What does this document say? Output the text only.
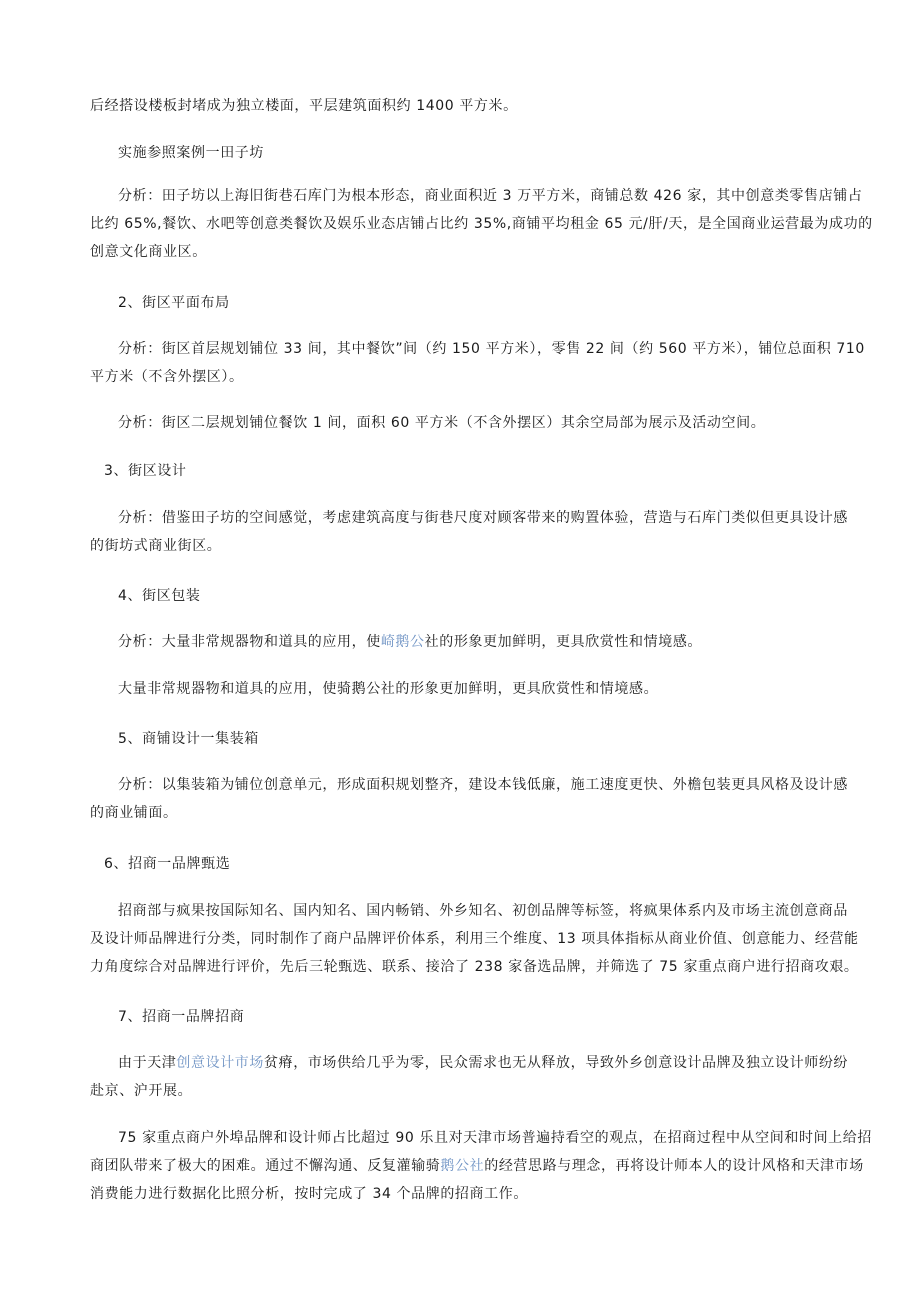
后经搭设楼板封堵成为独立楼面，平层建筑面积约 1400 平方米。
实施参照案例一田子坊
分析：田子坊以上海旧街巷石库门为根本形态，商业面积近 3 万平方米，商铺总数 426 家，其中创意类零售店铺占
比约 65%,餐饮、水吧等创意类餐饮及娱乐业态店铺占比约 35%,商铺平均租金 65 元/肝/天，是全国商业运营最为成功的
创意文化商业区。
2、街区平面布局
分析：街区首层规划铺位 33 间，其中餐饮”间（约 150 平方米），零售 22 间（约 560 平方米），铺位总面积 710
平方米（不含外摆区）。
分析：街区二层规划铺位餐饮 1 间，面积 60 平方米（不含外摆区）其余空局部为展示及活动空间。
3、街区设计
分析：借鉴田子坊的空间感觉，考虑建筑高度与街巷尺度对顾客带来的购置体验，营造与石库门类似但更具设计感
的街坊式商业街区。
4、街区包装
分析：大量非常规器物和道具的应用，使崎鹅公社的形象更加鲜明，更具欣赏性和情境感。
大量非常规器物和道具的应用，使骑鹅公社的形象更加鲜明，更具欣赏性和情境感。
5、商铺设计一集装箱
分析：以集装箱为铺位创意单元，形成面积规划整齐，建设本钱低廉，施工速度更快、外檐包装更具风格及设计感
的商业铺面。
6、招商一品牌甄选
招商部与疯果按国际知名、国内知名、国内畅销、外乡知名、初创品牌等标签，将疯果体系内及市场主流创意商品
及设计师品牌进行分类，同时制作了商户品牌评价体系，利用三个维度、13 项具体指标从商业价值、创意能力、经营能
力角度综合对品牌进行评价，先后三轮甄选、联系、接洽了 238 家备选品牌，并筛选了 75 家重点商户进行招商攻艰。
7、招商一品牌招商
由于天津创意设计市场贫瘠，市场供给几乎为零，民众需求也无从释放，导致外乡创意设计品牌及独立设计师纷纷
赴京、沪开展。
75 家重点商户外埠品牌和设计师占比超过 90 乐且对天津市场普遍持看空的观点，在招商过程中从空间和时间上给招
商团队带来了极大的困难。通过不懈沟通、反复灌输骑鹅公社的经营思路与理念，再将设计师本人的设计风格和天津市场
消费能力进行数据化比照分析，按时完成了 34 个品牌的招商工作。
